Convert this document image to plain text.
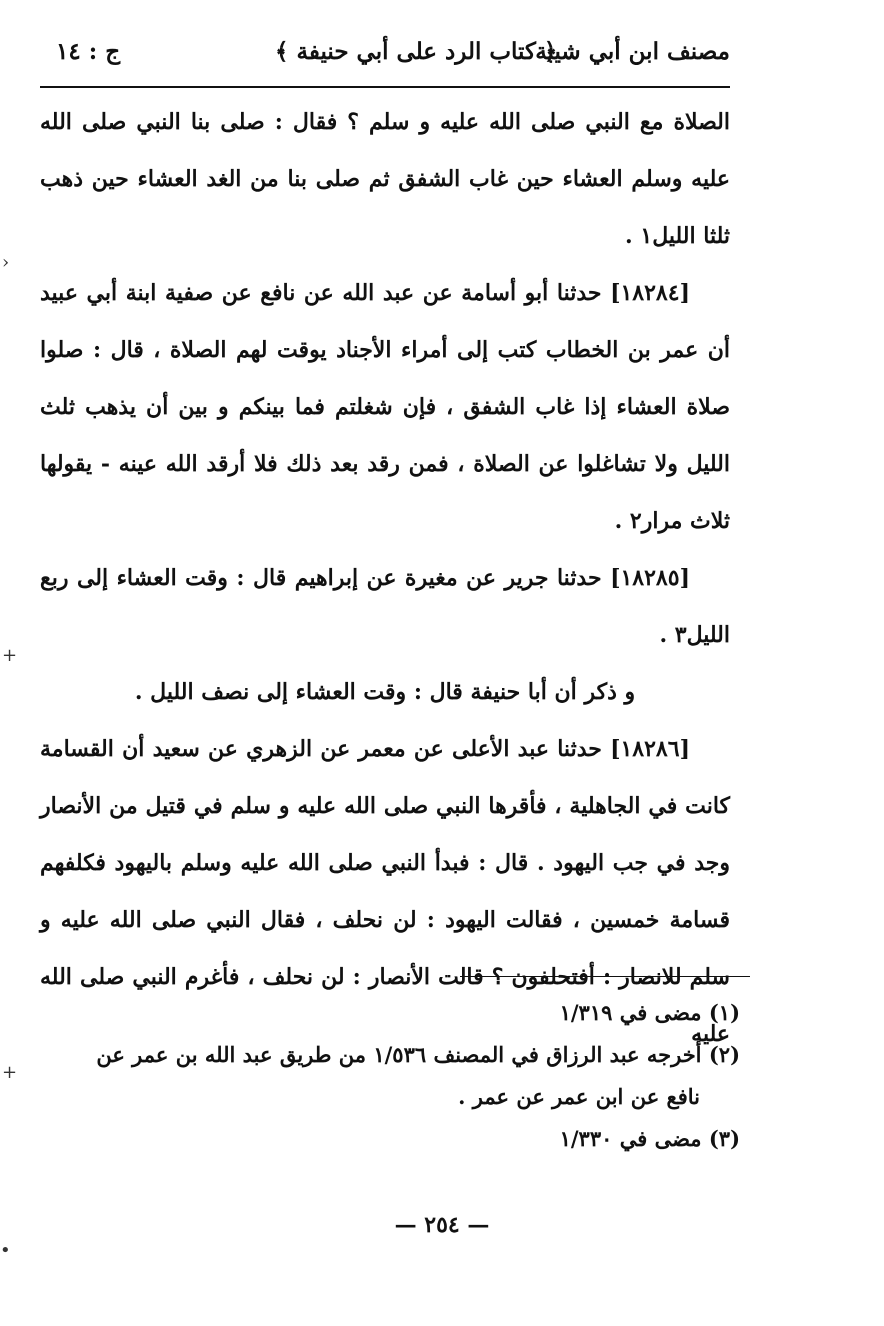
مصنف ابن أبي شيبة
﴿ كتاب الرد على أبي حنيفة ﴾
ج : ١٤

الصلاة مع النبي صلى الله عليه و سلم ؟ فقال : صلى بنا النبي صلى الله عليه وسلم العشاء حين غاب الشفق ثم صلى بنا من الغد العشاء حين ذهب ثلثا الليل١ .

[١٨٢٨٤] حدثنا أبو أسامة عن عبد الله عن نافع عن صفية ابنة أبي عبيد أن عمر بن الخطاب كتب إلى أمراء الأجناد يوقت لهم الصلاة ، قال : صلوا صلاة العشاء إذا غاب الشفق ، فإن شغلتم فما بينكم و بين أن يذهب ثلث الليل ولا تشاغلوا عن الصلاة ، فمن رقد بعد ذلك فلا أرقد الله عينه - يقولها ثلاث مرار٢ .

[١٨٢٨٥] حدثنا جرير عن مغيرة عن إبراهيم قال : وقت العشاء إلى ربع الليل٣ .

و ذكر أن أبا حنيفة قال : وقت العشاء إلى نصف الليل .

[١٨٢٨٦] حدثنا عبد الأعلى عن معمر عن الزهري عن سعيد أن القسامة كانت في الجاهلية ، فأقرها النبي صلى الله عليه و سلم في قتيل من الأنصار وجد في جب اليهود . قال : فبدأ النبي صلى الله عليه وسلم باليهود فكلفهم قسامة خمسين ، فقالت اليهود : لن نحلف ، فقال النبي صلى الله عليه و سلم للانصار : أفتحلفون ؟ قالت الأنصار : لن نحلف ، فأغرم النبي صلى الله عليه

(١) مضى في ١/٣١٩

(٢) أخرجه عبد الرزاق في المصنف ١/٥٣٦ من طريق عبد الله بن عمر عن

نافع عن ابن عمر عن عمر .

(٣) مضى في ١/٣٣٠

— ٢٥٤ —
›
+
+
•
